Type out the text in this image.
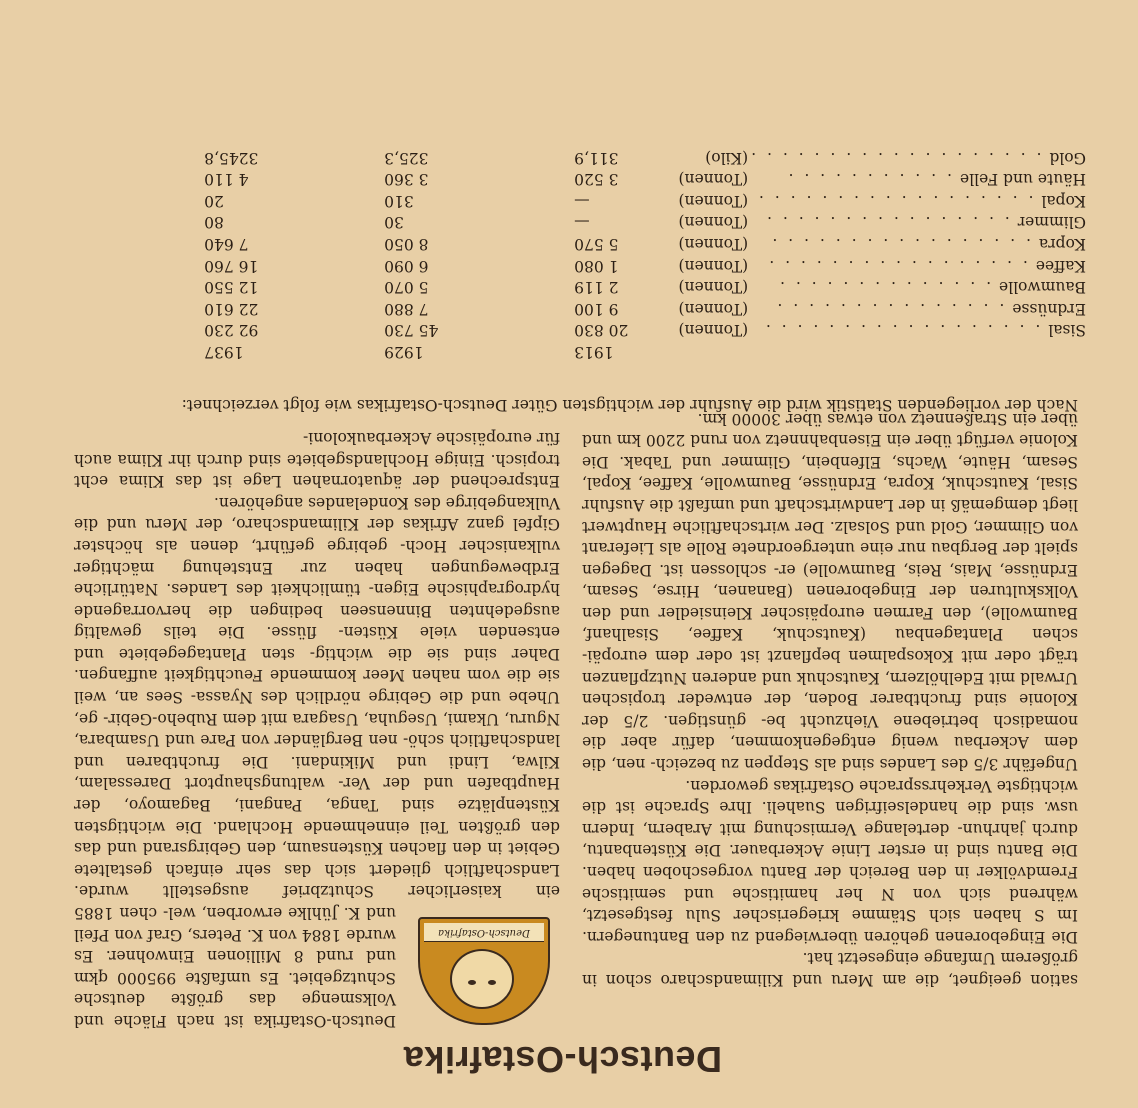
Deutsch-Ostafrika
Deutsch-Ostafrika

Deutsch-Ostafrika ist nach Fläche und Volksmenge das größte deutsche Schutzgebiet. Es umfaßte 995000 qkm und rund 8 Millionen Einwohner. Es wurde 1884 von K. Peters, Graf von Pfeil und K. Jühlke erworben, wel- chen 1885 ein kaiserlicher Schutzbrief ausgestellt wurde. Landschaftlich gliedert sich das sehr einfach gestaltete Gebiet in den flachen Küstensaum, den Gebirgsrand und das den größten Teil einnehmende Hochland. Die wichtigsten Küstenplätze sind Tanga, Pangani, Bagamoyo, der Hauptbafen und der Ver- waltungshauptort Daressalam, Kilwa, Lindi und Mikindani. Die fruchtbaren und landschaftlich schö- nen Bergländer von Pare und Usambara, Nguru, Ukami, Useguha, Usagara mit dem Rubeho-Gebir- ge, Uhebe und die Gebirge nördlich des Nyassa- Sees an, weil sie die vom nahen Meer kommende Feuchtigkeit auffangen. Daher sind sie die wichtig- sten Plantagegebiete und entsenden viele Küsten- flüsse. Die teils gewaltig ausgedehnten Binnenseen bedingen die hervorragende hydrographische Eigen- tümlichkeit des Landes. Natürliche Erdbewegungen haben zur Entstehung mächtiger vulkanischer Hoch- gebirge geführt, denen als höchster Gipfel ganz Afrikas der Kilimandscharo, der Meru und die Vulkangebirge des Kondelandes angehören.

Entsprechend der äquatornahen Lage ist das Klima echt tropisch. Einige Hochlandsgebiete sind durch ihr Klima auch für europäische Ackerbaukoloni-

sation geeignet, die am Meru und Kilimandscharo schon in größerem Umfange eingesetzt hat.

Die Eingeborenen gehören überwiegend zu den Bantunegern. Im S haben sich Stämme kriegerischer Sulu festgesetzt, während sich von N her hamitische und semitische Fremdvölker in den Bereich der Bantu vorgeschoben haben. Die Bantu sind in erster Linie Ackerbauer. Die Küstenbantu, durch jahrhun- dertelange Vermischung mit Arabern, Indern usw. sind die handelseifrigen Suaheli. Ihre Sprache ist die wichtigste Verkehrssprache Ostafrikas geworden.

Ungefähr 3/5 des Landes sind als Steppen zu bezeich- nen, die dem Ackerbau wenig entgegenkommen, dafür aber die nomadisch betriebene Viehzucht be- günstigen. 2/5 der Kolonie sind fruchtbarer Boden, der entweder tropischen Urwald mit Edelhölzern, Kautschuk und anderen Nutzpflanzen trägt oder mit Kokospalmen bepflanzt ist oder dem europäi- schen Plantagenbau (Kautschuk, Kaffee, Sisalhanf, Baumwolle), den Farmen europäischer Kleinsiedler und den Volkskulturen der Eingeborenen (Bananen, Hirse, Sesam, Erdnüsse, Mais, Reis, Baumwolle) er- schlossen ist. Dagegen spielt der Bergbau nur eine untergeordnete Rolle als Lieferant von Glimmer, Gold und Solsalz. Der wirtschaftliche Hauptwert liegt demgemäß in der Landwirtschaft und umfaßt die Ausfuhr Sisal, Kautschuk, Kopra, Erdnüsse, Baumwolle, Kaffee, Kopal, Sesam, Häute, Wachs, Elfenbein, Glimmer und Tabak. Die Kolonie verfügt über ein Eisenbahnnetz von rund 2200 km und über ein Straßennetz von etwas über 30000 km.

Nach der vorliegenden Statistik wird die Ausfuhr der wichtigsten Güter Deutsch-Ostafrikas wie folgt verzeichnet:
		1913	1929	1937
Sisal . . . . . . . . . . . . . . . . . .	(Tonnen)	20 830	45 730	92 230
Erdnüsse . . . . . . . . . . . . . . .	(Tonnen)	9 100	7 880	22 610
Baumwolle . . . . . . . . . . . . . .	(Tonnen)	2 119	5 070	12 550
Kaffee . . . . . . . . . . . . . . . . .	(Tonnen)	1 080	6 090	16 760
Kopra . . . . . . . . . . . . . . . . .	(Tonnen)	5 570	8 050	7 640
Glimmer . . . . . . . . . . . . . . . .	(Tonnen)	—	30	80
Kopal . . . . . . . . . . . . . . . . . .	(Tonnen)	—	310	20
Häute und Felle . . . . . . . . . . .	(Tonnen)	3 520	3 360	4 110
Gold . . . . . . . . . . . . . . . . . . .	(Kilo)	311,9	325,3	3245,8
